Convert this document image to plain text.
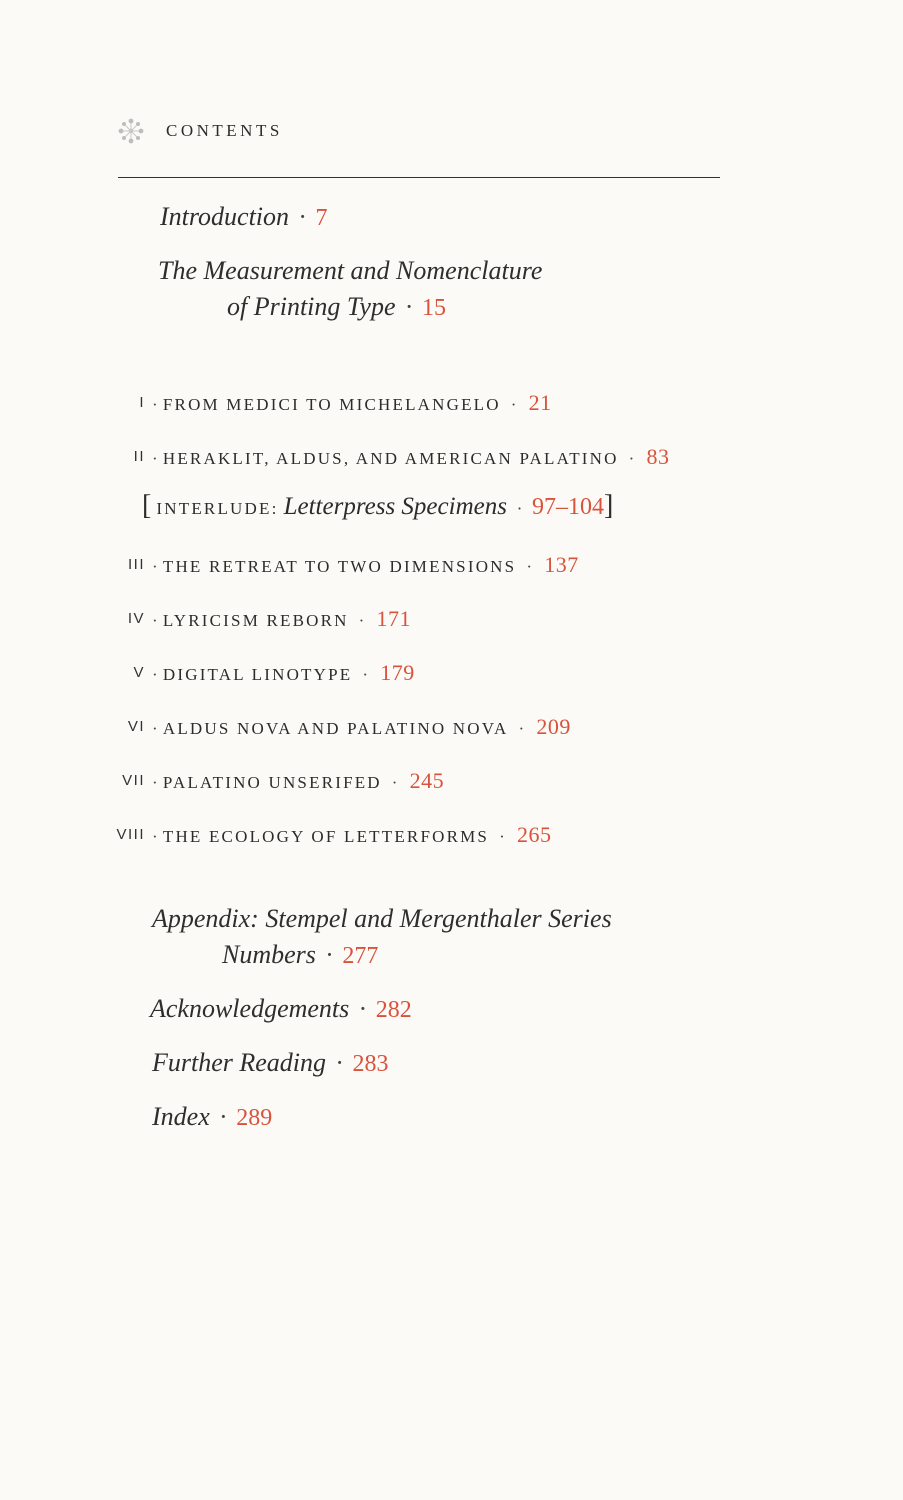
CONTENTS
Introduction · 7
The Measurement and Nomenclature
of Printing Type · 15
I · FROM MEDICI TO MICHELANGELO · 21
II · HERAKLIT, ALDUS, AND AMERICAN PALATINO · 83
[ INTERLUDE: Letterpress Specimens · 97–104]
III · THE RETREAT TO TWO DIMENSIONS · 137
IV · LYRICISM REBORN · 171
V · DIGITAL LINOTYPE · 179
VI · ALDUS NOVA AND PALATINO NOVA · 209
VII · PALATINO UNSERIFED · 245
VIII · THE ECOLOGY OF LETTERFORMS · 265
Appendix: Stempel and Mergenthaler Series
Numbers · 277
Acknowledgements · 282
Further Reading · 283
Index · 289
